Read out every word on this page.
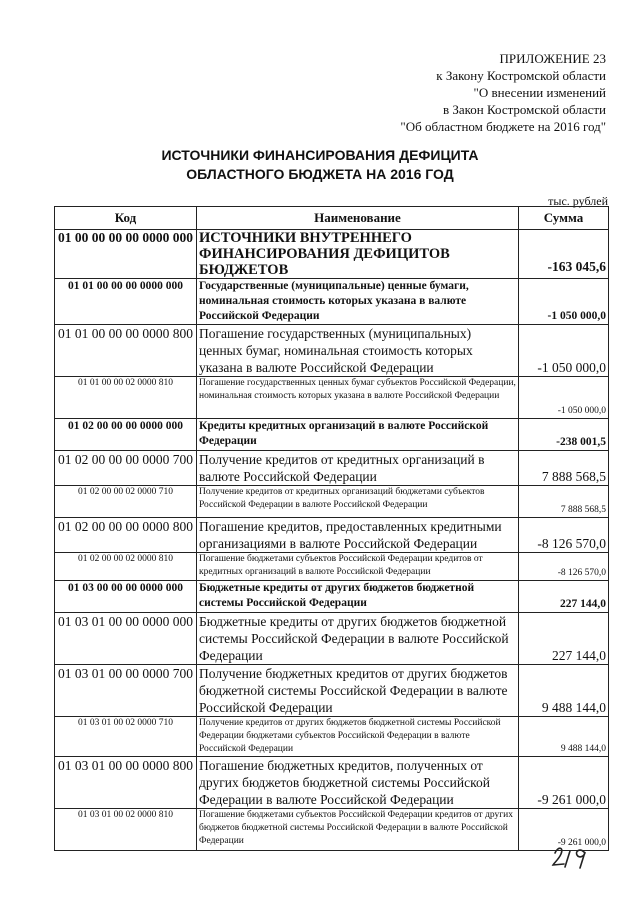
ПРИЛОЖЕНИЕ 23
к Закону Костромской области
"О внесении изменений
в Закон Костромской области
"Об областном бюджете на 2016 год"
ИСТОЧНИКИ ФИНАНСИРОВАНИЯ ДЕФИЦИТА
ОБЛАСТНОГО БЮДЖЕТА НА 2016 ГОД
тыс. рублей
Код	Наименование	Сумма
01 00 00 00 00 0000 000	ИСТОЧНИКИ ВНУТРЕННЕГО ФИНАНСИРОВАНИЯ ДЕФИЦИТОВ БЮДЖЕТОВ	-163 045,6
01 01 00 00 00 0000 000	Государственные (муниципальные) ценные бумаги, номинальная стоимость которых указана в валюте Российской Федерации	-1 050 000,0
01 01 00 00 00 0000 800	Погашение государственных (муниципальных) ценных бумаг, номинальная стоимость которых указана в валюте Российской Федерации	-1 050 000,0
01 01 00 00 02 0000 810	Погашение государственных ценных бумаг субъектов Российской Федерации, номинальная стоимость которых указана в валюте Российской Федерации	-1 050 000,0
01 02 00 00 00 0000 000	Кредиты кредитных организаций в валюте Российской Федерации	-238 001,5
01 02 00 00 00 0000 700	Получение кредитов от кредитных организаций в валюте Российской Федерации	7 888 568,5
01 02 00 00 02 0000 710	Получение кредитов от кредитных организаций бюджетами субъектов Российской Федерации в валюте Российской Федерации	7 888 568,5
01 02 00 00 00 0000 800	Погашение кредитов, предоставленных кредитными организациями в валюте Российской Федерации	-8 126 570,0
01 02 00 00 02 0000 810	Погашение бюджетами субъектов Российской Федерации кредитов от кредитных организаций в валюте Российской Федерации	-8 126 570,0
01 03 00 00 00 0000 000	Бюджетные кредиты от других бюджетов бюджетной системы Российской Федерации	227 144,0
01 03 01 00 00 0000 000	Бюджетные кредиты от других бюджетов бюджетной системы Российской Федерации в валюте Российской Федерации	227 144,0
01 03 01 00 00 0000 700	Получение бюджетных кредитов от других бюджетов бюджетной системы Российской Федерации в валюте Российской Федерации	9 488 144,0
01 03 01 00 02 0000 710	Получение кредитов от других бюджетов бюджетной системы Российской Федерации бюджетами субъектов Российской Федерации в валюте Российской Федерации	9 488 144,0
01 03 01 00 00 0000 800	Погашение бюджетных кредитов, полученных от других бюджетов бюджетной системы Российской Федерации в валюте Российской Федерации	-9 261 000,0
01 03 01 00 02 0000 810	Погашение бюджетами субъектов Российской Федерации кредитов от других бюджетов бюджетной системы Российской Федерации в валюте Российской Федерации	-9 261 000,0
